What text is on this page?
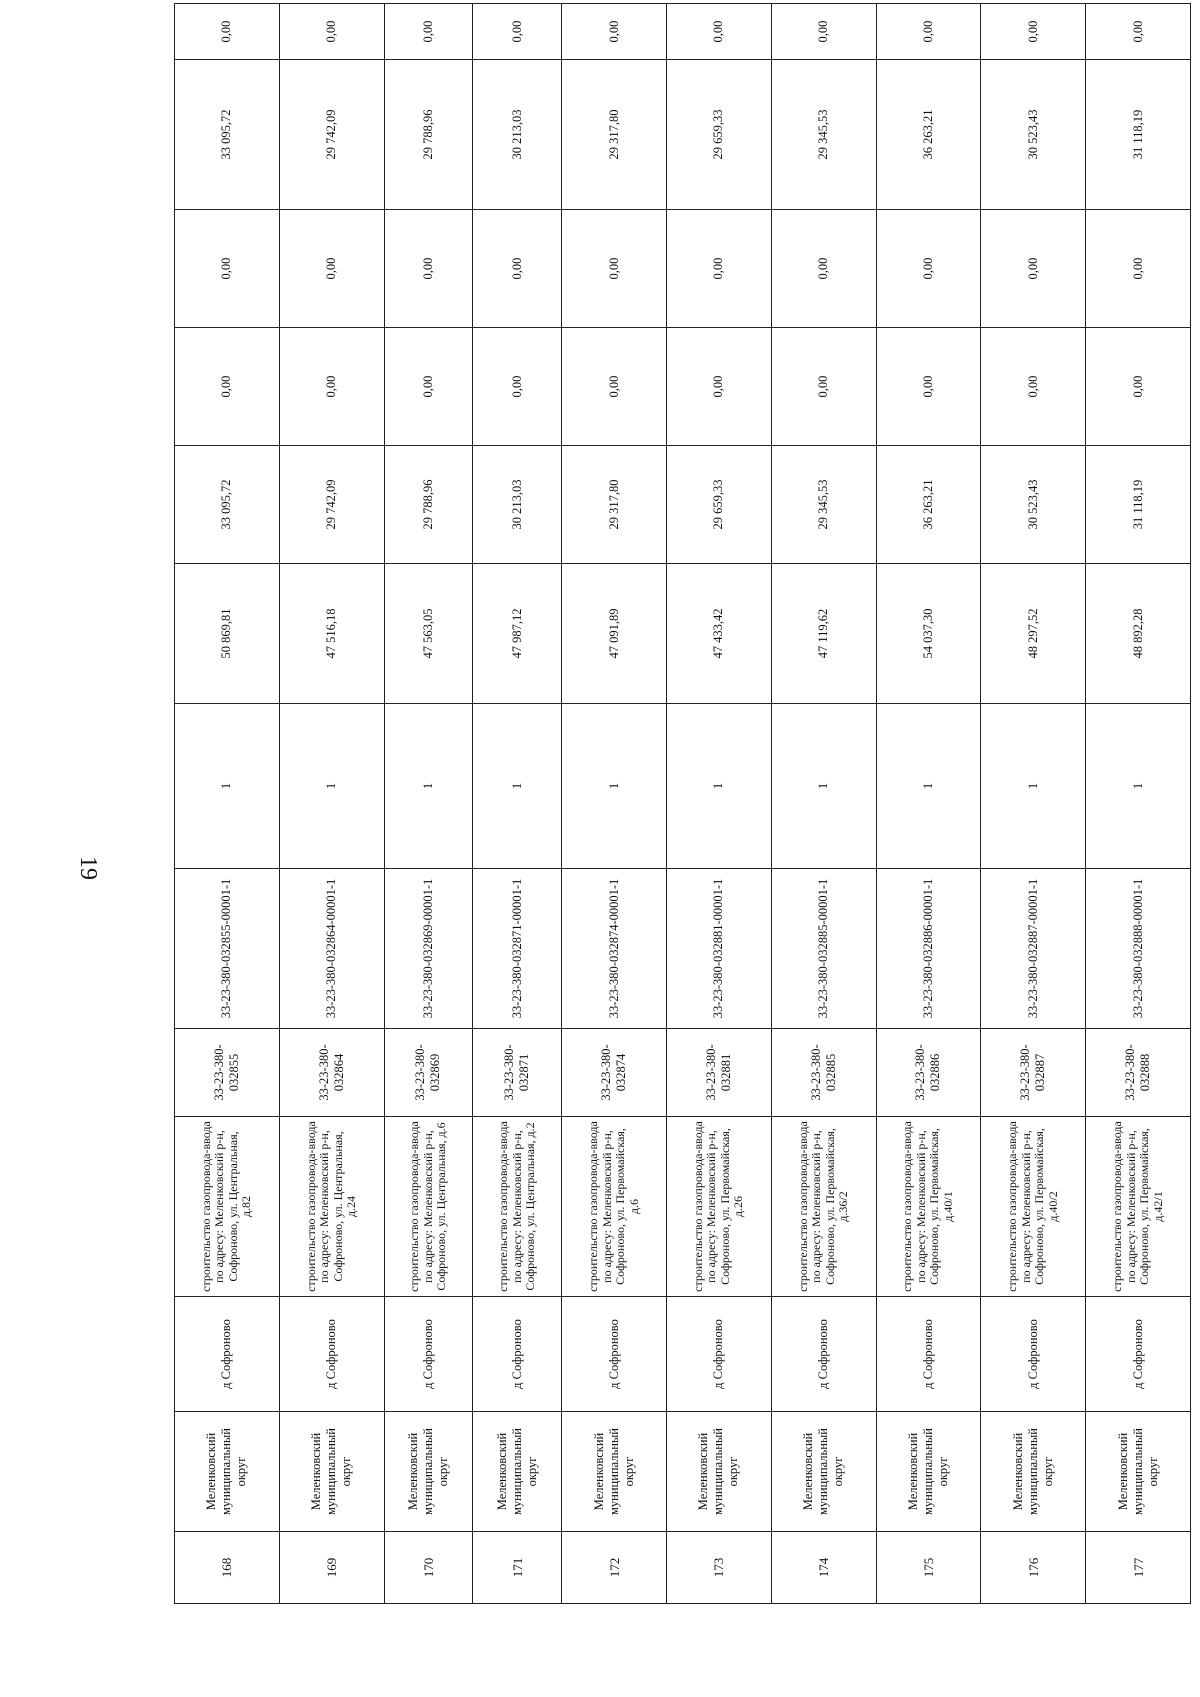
19
168	Меленковский муниципальный округ	д Софроново	строительство газопровода-ввода по адресу: Меленковский р-н, Софроново, ул. Центральная, д.82	33-23-380-032855	33-23-380-032855-00001-1	1	50 869,81	33 095,72	0,00	0,00	33 095,72	0,00
169	Меленковский муниципальный округ	д Софроново	строительство газопровода-ввода по адресу: Меленковский р-н, Софроново, ул. Центральная, д.24	33-23-380-032864	33-23-380-032864-00001-1	1	47 516,18	29 742,09	0,00	0,00	29 742,09	0,00
170	Меленковский муниципальный округ	д Софроново	строительство газопровода-ввода по адресу: Меленковский р-н, Софроново, ул. Центральная, д.6	33-23-380-032869	33-23-380-032869-00001-1	1	47 563,05	29 788,96	0,00	0,00	29 788,96	0,00
171	Меленковский муниципальный округ	д Софроново	строительство газопровода-ввода по адресу: Меленковский р-н, Софроново, ул. Центральная, д.2	33-23-380-032871	33-23-380-032871-00001-1	1	47 987,12	30 213,03	0,00	0,00	30 213,03	0,00
172	Меленковский муниципальный округ	д Софроново	строительство газопровода-ввода по адресу: Меленковский р-н, Софроново, ул. Первомайская, д.6	33-23-380-032874	33-23-380-032874-00001-1	1	47 091,89	29 317,80	0,00	0,00	29 317,80	0,00
173	Меленковский муниципальный округ	д Софроново	строительство газопровода-ввода по адресу: Меленковский р-н, Софроново, ул. Первомайская, д.26	33-23-380-032881	33-23-380-032881-00001-1	1	47 433,42	29 659,33	0,00	0,00	29 659,33	0,00
174	Меленковский муниципальный округ	д Софроново	строительство газопровода-ввода по адресу: Меленковский р-н, Софроново, ул. Первомайская, д.36/2	33-23-380-032885	33-23-380-032885-00001-1	1	47 119,62	29 345,53	0,00	0,00	29 345,53	0,00
175	Меленковский муниципальный округ	д Софроново	строительство газопровода-ввода по адресу: Меленковский р-н, Софроново, ул. Первомайская, д.40/1	33-23-380-032886	33-23-380-032886-00001-1	1	54 037,30	36 263,21	0,00	0,00	36 263,21	0,00
176	Меленковский муниципальный округ	д Софроново	строительство газопровода-ввода по адресу: Меленковский р-н, Софроново, ул. Первомайская, д.40/2	33-23-380-032887	33-23-380-032887-00001-1	1	48 297,52	30 523,43	0,00	0,00	30 523,43	0,00
177	Меленковский муниципальный округ	д Софроново	строительство газопровода-ввода по адресу: Меленковский р-н, Софроново, ул. Первомайская, д.42/1	33-23-380-032888	33-23-380-032888-00001-1	1	48 892,28	31 118,19	0,00	0,00	31 118,19	0,00
